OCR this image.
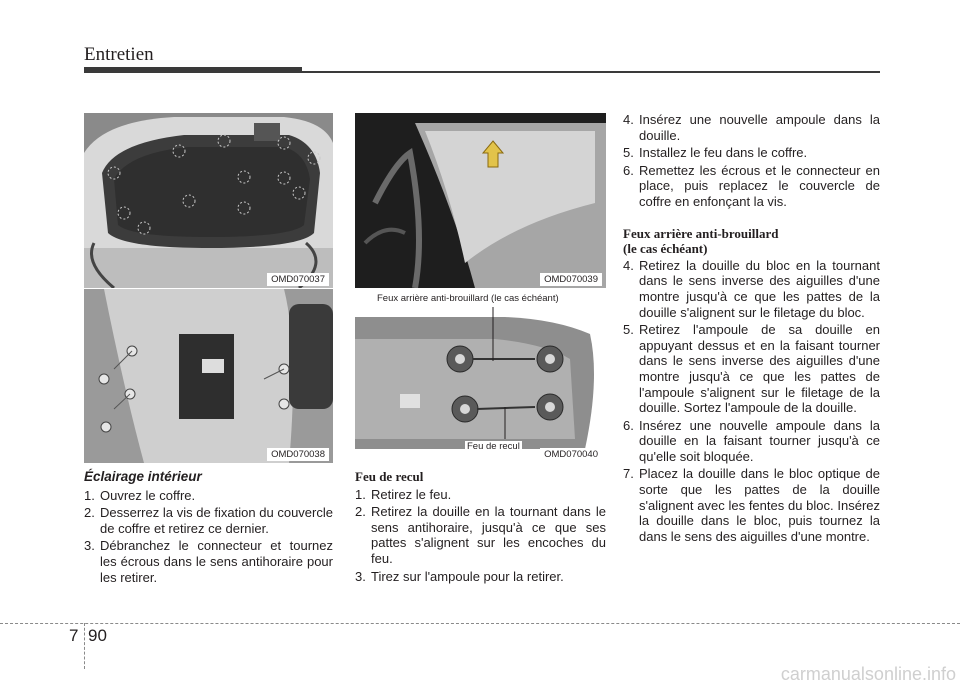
Entretien
OMD070037
OMD070038
OMD070039
Feux arrière anti-brouillard (le cas échéant)
Feu de recul
OMD070040
Éclairage intérieur
1. Ouvrez le coffre.
2. Desserrez la vis de fixation du couvercle de coffre et retirez ce dernier.
3. Débranchez le connecteur et tournez les écrous dans le sens antihoraire pour les retirer.
Feu de recul
1. Retirez le feu.
2. Retirez la douille en la tournant dans le sens antihoraire, jusqu'à ce que ses pattes s'alignent sur les encoches du feu.
3. Tirez sur l'ampoule pour la retirer.
4. Insérez une nouvelle ampoule dans la douille.
5. Installez le feu dans le coffre.
6. Remettez les écrous et le connecteur en place, puis replacez le couvercle de coffre en enfonçant la vis.
Feux arrière anti-brouillard
(le cas échéant)
4. Retirez la douille du bloc en la tournant dans le sens inverse des aiguilles d'une montre jusqu'à ce que les pattes de la douille s'alignent sur le filetage du bloc.
5. Retirez l'ampoule de sa douille en appuyant dessus et en la faisant tourner dans le sens inverse des aiguilles d'une montre jusqu'à ce que les pattes de l'ampoule s'alignent sur le filetage de la douille. Sortez l'ampoule de la douille.
6. Insérez une nouvelle ampoule dans la douille en la faisant tourner jusqu'à ce qu'elle soit bloquée.
7. Placez la douille dans le bloc optique de sorte que les pattes de la douille s'alignent avec les fentes du bloc. Insérez la douille dans le bloc, puis tournez la dans le sens des aiguilles d'une montre.
7 90
carmanualsonline.info
